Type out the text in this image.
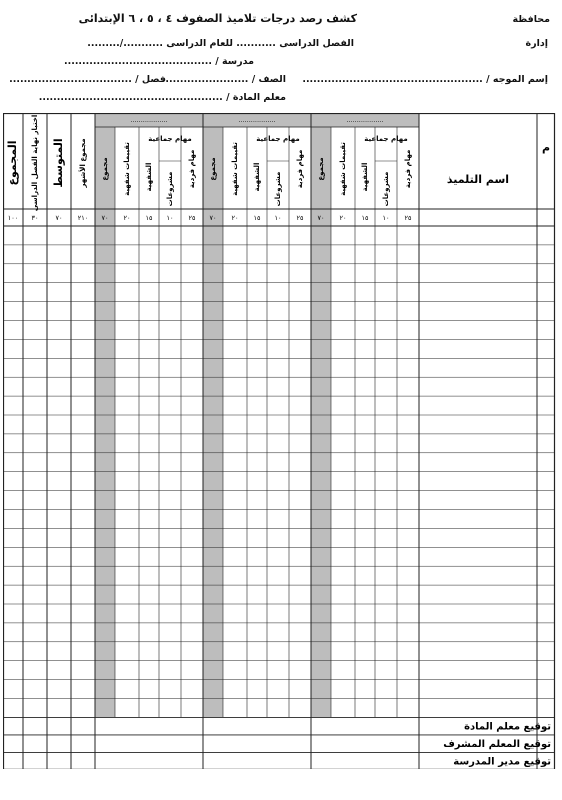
كشف رصد درجات تلاميذ الصفوف ٤ ، ٥ ، ٦ الإبتدائى	محافظة
إدارة
الفصل الدراسى ........... للعام الدراسى .........../.........
مدرسة / .........................................
إسم الموجه / ..................................................
الصف / .......................
فصل / ..................................
معلم المادة / ...................................................
مجموع تقييمات شفهية الشفهية مشروعات
مهام جماعية
مهام فردية
..................
مجموع تقييمات شفهية الشفهية مشروعات
مهام جماعية
مهام فردية
..................
مجموع تقييمات شفهية الشفهية مشروعات
مهام جماعية
مهام فردية
..................
مجموع الأشهر
المتوسط
اختبار نهاية الفصل الدراسى
المجموع	اسم التلميذ
م
٧٠ ٢٠ ١٥ ١٠ ٢٥
٧٠ ٢٠ ١٥ ١٠ ٢٥
٧٠ ٢٠ ١٥ ١٠ ٢٥
٢١٠
٧٠
٣٠
١٠٠
توقيع معلم المادة
توقيع المعلم المشرف
توقيع مدير المدرسة
